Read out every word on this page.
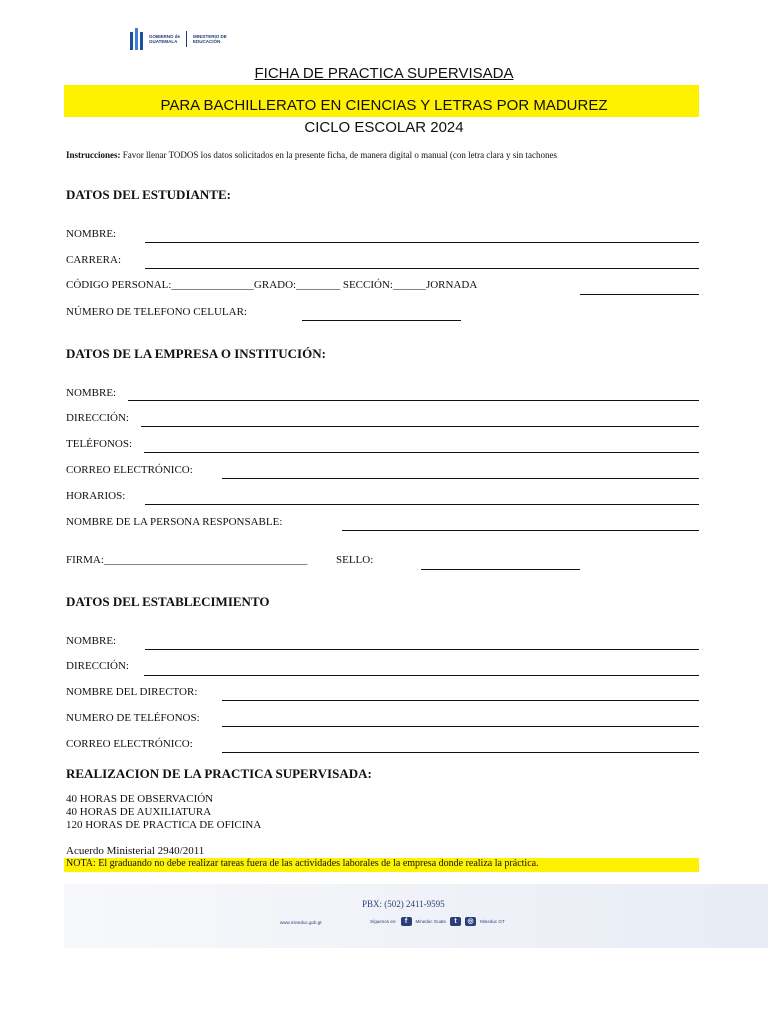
GOBIERNO de
GUATEMALA
MINISTERIO DE
EDUCACIÓN
FICHA DE PRACTICA SUPERVISADA
PARA BACHILLERATO EN CIENCIAS Y LETRAS POR MADUREZ
CICLO ESCOLAR 2024
Instrucciones: Favor llenar TODOS los datos solicitados en la presente ficha, de manera digital o manual (con letra clara y sin tachones
DATOS DEL ESTUDIANTE:
NOMBRE:
CARRERA:
CÓDIGO PERSONAL:_______________GRADO:________ SECCIÓN:______JORNADA
NÚMERO DE TELEFONO CELULAR:
DATOS DE LA EMPRESA O INSTITUCIÓN:
NOMBRE:
DIRECCIÓN:
TELÉFONOS:
CORREO ELECTRÓNICO:
HORARIOS:
NOMBRE DE LA PERSONA RESPONSABLE:
FIRMA:_____________________________________	SELLO:
DATOS DEL ESTABLECIMIENTO
NOMBRE:
DIRECCIÓN:
NOMBRE DEL DIRECTOR:
NUMERO DE TELÉFONOS:
CORREO ELECTRÓNICO:
REALIZACION DE LA PRACTICA SUPERVISADA:
40 HORAS DE OBSERVACIÓN
40 HORAS DE AUXILIATURA
120 HORAS DE PRACTICA DE OFICINA
Acuerdo Ministerial 2940/2011
NOTA: El graduando no debe realizar tareas fuera de las actividades laborales de la empresa donde realiza la práctica.
PBX: (502) 2411-9595
www.mineduc.gob.gt	Síguenos en:	f	Mineduc Guate	t	◎	Mineduc GT
